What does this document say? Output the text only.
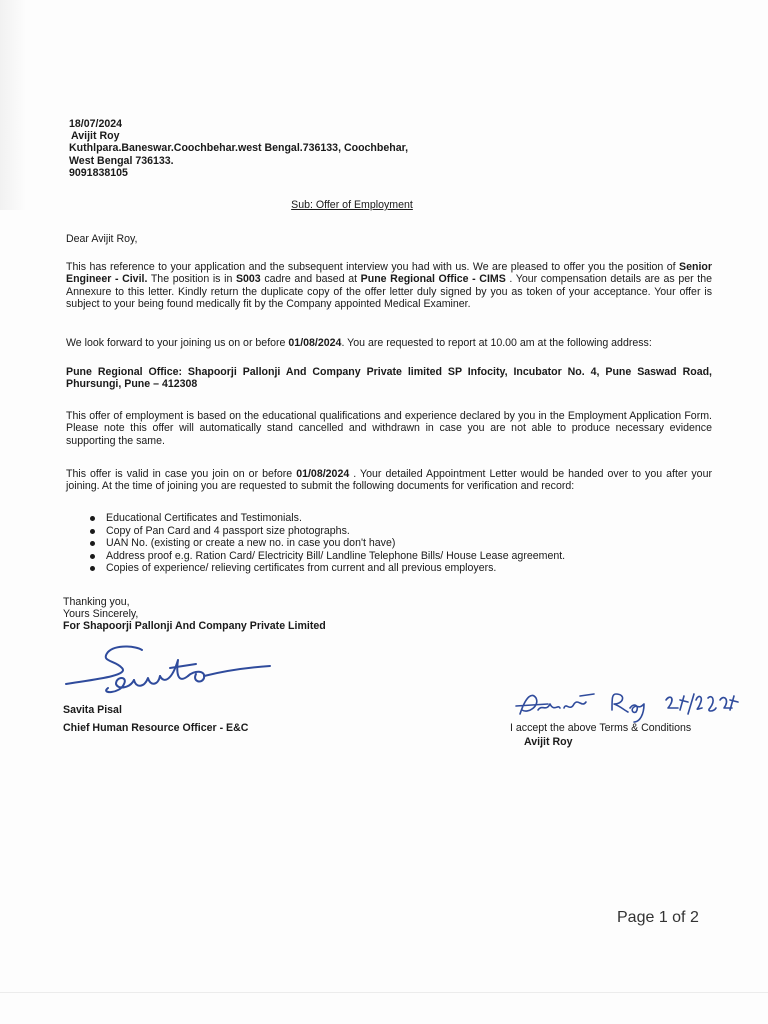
18/07/2024
Avijit Roy
Kuthlpara.Baneswar.Coochbehar.west Bengal.736133, Coochbehar,
West Bengal 736133.
9091838105
Sub: Offer of Employment
Dear Avijit Roy,
This has reference to your application and the subsequent interview you had with us. We are pleased to offer you the position of Senior Engineer - Civil. The position is in S003 cadre and based at Pune Regional Office - CIMS . Your compensation details are as per the Annexure to this letter. Kindly return the duplicate copy of the offer letter duly signed by you as token of your acceptance. Your offer is subject to your being found medically fit by the Company appointed Medical Examiner.
We look forward to your joining us on or before 01/08/2024. You are requested to report at 10.00 am at the following address:
Pune Regional Office: Shapoorji Pallonji And Company Private limited SP Infocity, Incubator No. 4, Pune Saswad Road, Phursungi, Pune – 412308
This offer of employment is based on the educational qualifications and experience declared by you in the Employment Application Form. Please note this offer will automatically stand cancelled and withdrawn in case you are not able to produce necessary evidence supporting the same.
This offer is valid in case you join on or before 01/08/2024 . Your detailed Appointment Letter would be handed over to you after your joining. At the time of joining you are requested to submit the following documents for verification and record:
Educational Certificates and Testimonials.
Copy of Pan Card and 4 passport size photographs.
UAN No. (existing or create a new no. in case you don't have)
Address proof e.g. Ration Card/ Electricity Bill/ Landline Telephone Bills/ House Lease agreement.
Copies of experience/ relieving certificates from current and all previous employers.
Thanking you,
Yours Sincerely,
For Shapoorji Pallonji And Company Private Limited
Savita Pisal
Chief Human Resource Officer - E&C
Avijit Roy 24/08/2024
I accept the above Terms & Conditions
Avijit Roy
Page 1 of 2
